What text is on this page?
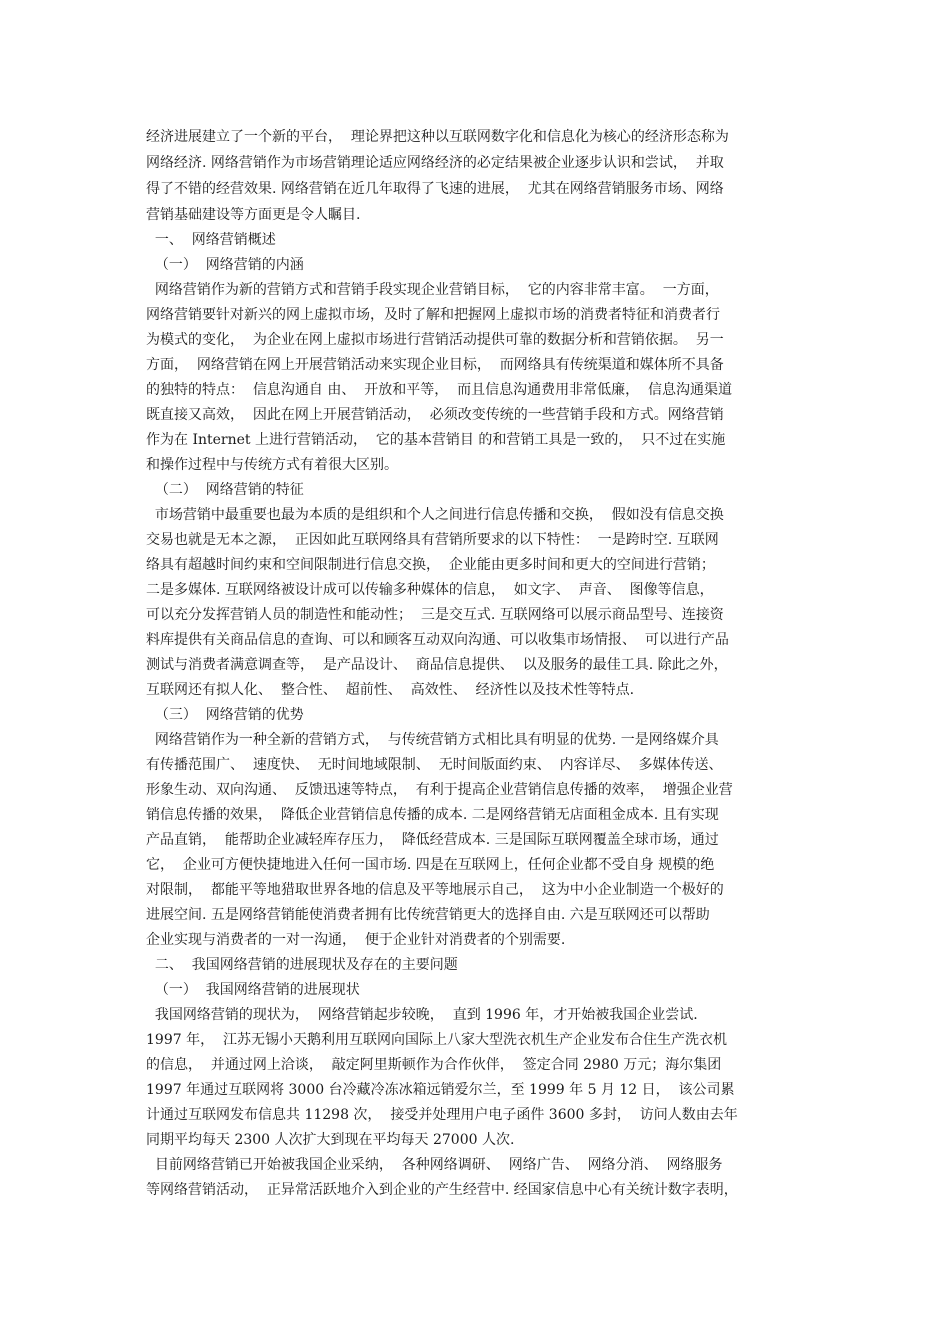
经济进展建立了一个新的平台，  理论界把这种以互联网数字化和信息化为核心的经济形态称为

网络经济. 网络营销作为市场营销理论适应网络经济的必定结果被企业逐步认识和尝试，  并取

得了不错的经营效果. 网络营销在近几年取得了飞速的进展，  尤其在网络营销服务市场、网络

营销基础建设等方面更是令人瞩目.

一、  网络营销概述

（一）  网络营销的内涵

网络营销作为新的营销方式和营销手段实现企业营销目标，  它的内容非常丰富。  一方面，

网络营销要针对新兴的网上虚拟市场，及时了解和把握网上虚拟市场的消费者特征和消费者行

为模式的变化，  为企业在网上虚拟市场进行营销活动提供可靠的数据分析和营销依据。  另一

方面，  网络营销在网上开展营销活动来实现企业目标，  而网络具有传统渠道和媒体所不具备

的独特的特点：  信息沟通自 由、  开放和平等，  而且信息沟通费用非常低廉，  信息沟通渠道

既直接又高效，  因此在网上开展营销活动，  必须改变传统的一些营销手段和方式。网络营销

作为在 Internet 上进行营销活动，  它的基本营销目 的和营销工具是一致的，  只不过在实施

和操作过程中与传统方式有着很大区别。

（二）  网络营销的特征

市场营销中最重要也最为本质的是组织和个人之间进行信息传播和交换，  假如没有信息交换

交易也就是无本之源，  正因如此互联网络具有营销所要求的以下特性：  一是跨时空. 互联网

络具有超越时间约束和空间限制进行信息交换，  企业能由更多时间和更大的空间进行营销；

二是多媒体. 互联网络被设计成可以传输多种媒体的信息，  如文字、  声音、  图像等信息，

可以充分发挥营销人员的制造性和能动性；  三是交互式. 互联网络可以展示商品型号、连接资

料库提供有关商品信息的查询、可以和顾客互动双向沟通、可以收集市场情报、  可以进行产品

测试与消费者满意调查等，  是产品设计、  商品信息提供、  以及服务的最佳工具. 除此之外，

互联网还有拟人化、  整合性、  超前性、  高效性、  经济性以及技术性等特点.

（三）  网络营销的优势

网络营销作为一种全新的营销方式，  与传统营销方式相比具有明显的优势. 一是网络媒介具

有传播范围广、  速度快、  无时间地域限制、  无时间版面约束、  内容详尽、  多媒体传送、

形象生动、双向沟通、  反馈迅速等特点，  有利于提高企业营销信息传播的效率，  增强企业营

销信息传播的效果，  降低企业营销信息传播的成本. 二是网络营销无店面租金成本. 且有实现

产品直销，  能帮助企业减轻库存压力，  降低经营成本. 三是国际互联网覆盖全球市场，通过

它，  企业可方便快捷地进入任何一国市场. 四是在互联网上，任何企业都不受自身 规模的绝

对限制，  都能平等地猎取世界各地的信息及平等地展示自己，  这为中小企业制造一个极好的

进展空间. 五是网络营销能使消费者拥有比传统营销更大的选择自由. 六是互联网还可以帮助

企业实现与消费者的一对一沟通，  便于企业针对消费者的个别需要.

二、  我国网络营销的进展现状及存在的主要问题

（一）  我国网络营销的进展现状

我国网络营销的现状为，  网络营销起步较晚，  直到 1996 年，才开始被我国企业尝试.

1997 年，  江苏无锡小天鹅利用互联网向国际上八家大型洗衣机生产企业发布合住生产洗衣机

的信息，  并通过网上洽谈，  敲定阿里斯顿作为合作伙伴，  签定合同 2980 万元；海尔集团

1997 年通过互联网将 3000 台冷藏冷冻冰箱远销爱尔兰，至 1999 年 5 月 12 日，  该公司累

计通过互联网发布信息共 11298 次，  接受并处理用户电子函件 3600 多封，  访问人数由去年

同期平均每天 2300 人次扩大到现在平均每天 27000 人次.

目前网络营销已开始被我国企业采纳，  各种网络调研、  网络广告、  网络分消、  网络服务

等网络营销活动，  正异常活跃地介入到企业的产生经营中. 经国家信息中心有关统计数字表明，
